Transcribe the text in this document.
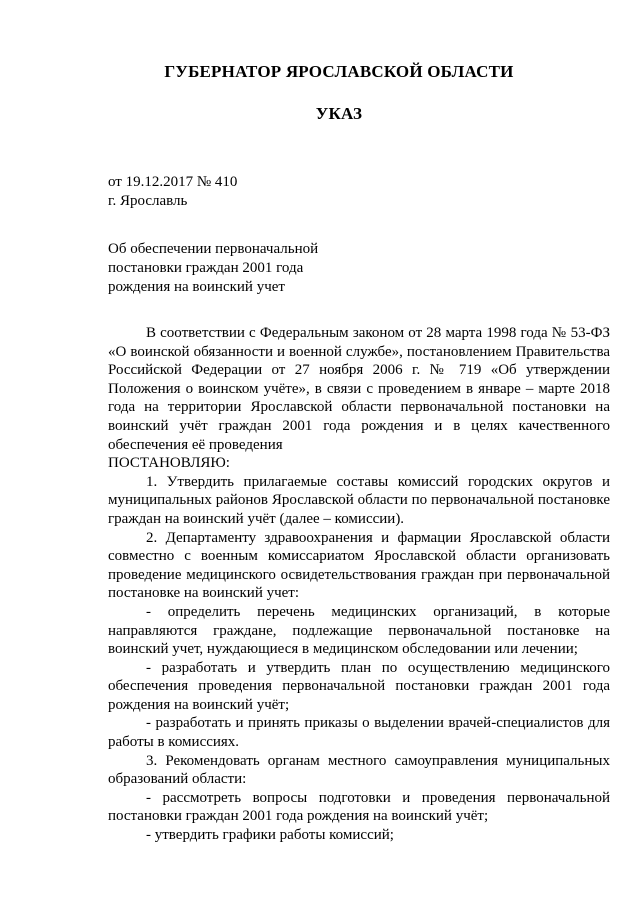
ГУБЕРНАТОР ЯРОСЛАВСКОЙ ОБЛАСТИ
УКАЗ
от 19.12.2017 № 410
г. Ярославль
Об обеспечении первоначальной
постановки граждан 2001 года
рождения на воинский учет

В соответствии с Федеральным законом от 28 марта 1998 года № 53-ФЗ «О воинской обязанности и военной службе», постановлением Правительства Российской Федерации от 27 ноября 2006 г. № 719 «Об утверждении Положения о воинском учёте», в связи с проведением в январе – марте 2018 года на территории Ярославской области первоначальной постановки на воинский учёт граждан 2001 года рождения и в целях качественного обеспечения её проведения

ПОСТАНОВЛЯЮ:

1. Утвердить прилагаемые составы комиссий городских округов и муниципальных районов Ярославской области по первоначальной постановке граждан на воинский учёт (далее – комиссии).

2. Департаменту здравоохранения и фармации Ярославской области совместно с военным комиссариатом Ярославской области организовать проведение медицинского освидетельствования граждан при первоначальной постановке на воинский учет:

- определить перечень медицинских организаций, в которые направляются граждане, подлежащие первоначальной постановке на воинский учет, нуждающиеся в медицинском обследовании или лечении;

- разработать и утвердить план по осуществлению медицинского обеспечения проведения первоначальной постановки граждан 2001 года рождения на воинский учёт;

- разработать и принять приказы о выделении врачей-специалистов для работы в комиссиях.

3. Рекомендовать органам местного самоуправления муниципальных образований области:

- рассмотреть вопросы подготовки и проведения первоначальной постановки граждан 2001 года рождения на воинский учёт;

- утвердить графики работы комиссий;
